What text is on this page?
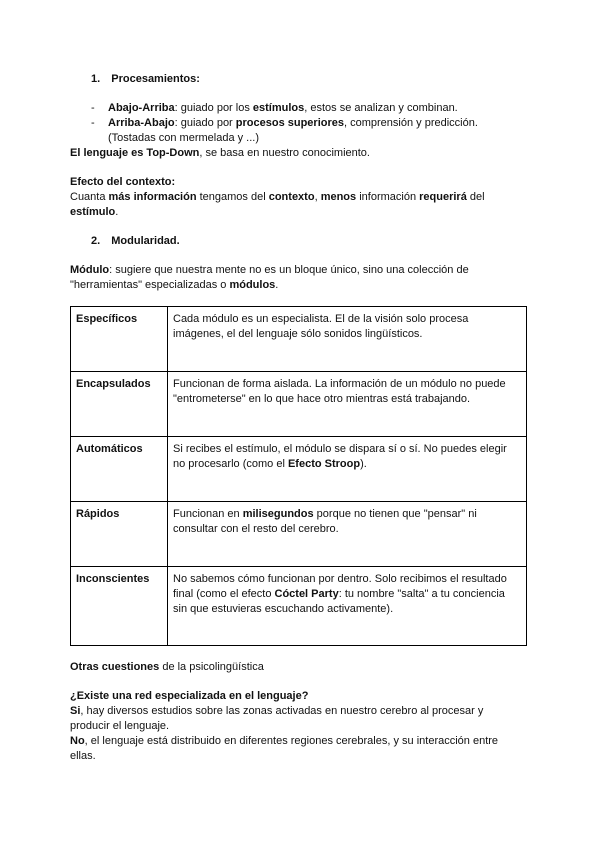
1. Procesamientos:
- Abajo-Arriba: guiado por los estímulos, estos se analizan y combinan.
- Arriba-Abajo: guiado por procesos superiores, comprensión y predicción.
(Tostadas con mermelada y ...)
El lenguaje es Top-Down, se basa en nuestro conocimiento.
Efecto del contexto:
Cuanta más información tengamos del contexto, menos información requerirá del
estímulo.
2. Modularidad.
Módulo: sugiere que nuestra mente no es un bloque único, sino una colección de
"herramientas" especializadas o módulos.
Específicos	Cada módulo es un especialista. El de la visión solo procesa
imágenes, el del lenguaje sólo sonidos lingüísticos.

Encapsulados	Funcionan de forma aislada. La información de un módulo no puede
"entrometerse" en lo que hace otro mientras está trabajando.

Automáticos	Si recibes el estímulo, el módulo se dispara sí o sí. No puedes elegir
no procesarlo (como el Efecto Stroop).

Rápidos	Funcionan en milisegundos porque no tienen que "pensar" ni
consultar con el resto del cerebro.

Inconscientes	No sabemos cómo funcionan por dentro. Solo recibimos el resultado
final (como el efecto Cóctel Party: tu nombre "salta" a tu conciencia
sin que estuvieras escuchando activamente).
Otras cuestiones de la psicolingüística
¿Existe una red especializada en el lenguaje?
Si, hay diversos estudios sobre las zonas activadas en nuestro cerebro al procesar y
producir el lenguaje.
No, el lenguaje está distribuido en diferentes regiones cerebrales, y su interacción entre
ellas.
